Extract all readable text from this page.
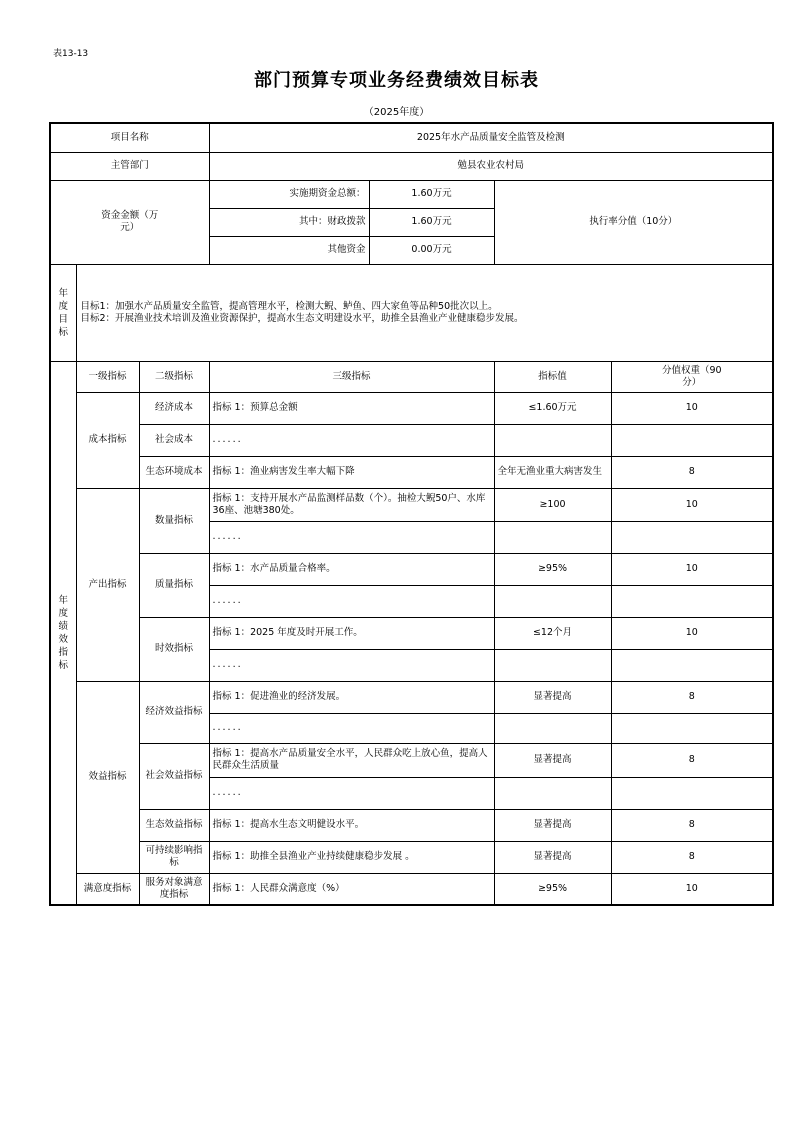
表13-13
部门预算专项业务经费绩效目标表
（2025年度）
项目名称			2025年水产品质量安全监管及检测			
主管部门			勉县农业农村局			

资金金额（万元）			实施期资金总额：	1.60万元	执行率分值（10分）	
			其中：财政拨款	1.60万元		
			其他资金	0.00万元		

年度目标	目标1：加强水产品质量安全监管，提高管理水平，检测大鲵、鲈鱼、四大家鱼等品种50批次以上。
目标2：开展渔业技术培训及渔业资源保护，提高水生态文明建设水平，助推全县渔业产业健康稳步发展。					

年度绩效指标	一级指标	二级指标	三级指标		指标值	分值权重（90分）

	成本指标	经济成本	指标 1：预算总金额		≤1.60万元	10
		社会成本	......			
		生态环境成本	指标 1：渔业病害发生率大幅下降		全年无渔业重大病害发生	8
	产出指标	数量指标	指标 1：支持开展水产品监测样品数（个）。抽检大鲵50户、水库36座、池塘380处。		≥100	10
			......			
		质量指标	指标 1：水产品质量合格率。		≥95%	10
			......			
		时效指标	指标 1：2025 年度及时开展工作。		≤12个月	10
			......			
	效益指标	经济效益指标	指标 1：促进渔业的经济发展。		显著提高	8
			......			
		社会效益指标	指标 1：提高水产品质量安全水平，人民群众吃上放心鱼，提高人民群众生活质量		显著提高	8
			......			
		生态效益指标	指标 1：提高水生态文明健设水平。		显著提高	8
		可持续影响指标	指标 1：助推全县渔业产业持续健康稳步发展 。		显著提高	8
	满意度指标	服务对象满意度指标	指标 1：人民群众满意度（%）		≥95%	10
